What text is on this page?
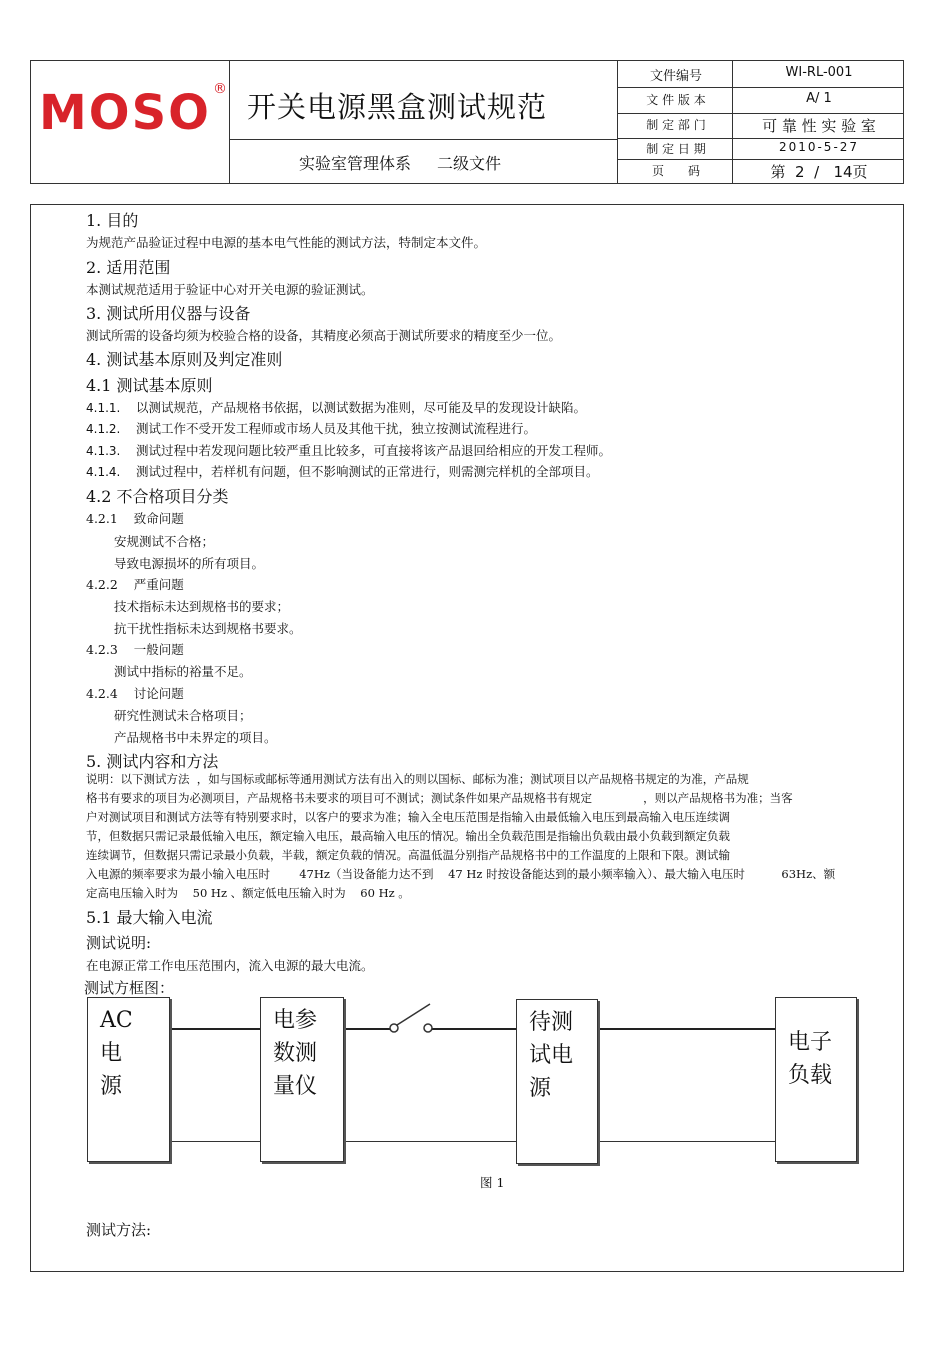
MOSO ®
开关电源黑盒测试规范
实验室管理体系 二级文件
文件编号	WI-RL-001
文 件 版 本	A/ 1
制 定 部 门	可 靠 性 实 验 室
制 定 日 期	2010-5-27
页　　码	第  2  /   14页
1. 目的
为规范产品验证过程中电源的基本电气性能的测试方法，特制定本文件。
2. 适用范围
本测试规范适用于验证中心对开关电源的验证测试。
3. 测试所用仪器与设备
测试所需的设备均须为校验合格的设备，其精度必须高于测试所要求的精度至少一位。
4. 测试基本原则及判定准则
4.1 测试基本原则
4.1.1. 以测试规范，产品规格书依据，以测试数据为准则，尽可能及早的发现设计缺陷。
4.1.2. 测试工作不受开发工程师或市场人员及其他干扰，独立按测试流程进行。
4.1.3. 测试过程中若发现问题比较严重且比较多，可直接将该产品退回给相应的开发工程师。
4.1.4. 测试过程中，若样机有问题，但不影响测试的正常进行，则需测完样机的全部项目。
4.2 不合格项目分类
4.2.1    致命问题
安规测试不合格；
导致电源损坏的所有项目。
4.2.2    严重问题
技术指标未达到规格书的要求；
抗干扰性指标未达到规格书要求。
4.2.3    一般问题
测试中指标的裕量不足。
4.2.4    讨论问题
研究性测试未合格项目；
产品规格书中未界定的项目。
5. 测试内容和方法
说明：以下测试方法  ，如与国标或邮标等通用测试方法有出入的则以国标、邮标为准；测试项目以产品规格书规定的为准，产品规
格书有要求的项目为必测项目，产品规格书未要求的项目可不测试；测试条件如果产品规格书有规定              ，则以产品规格书为准；当客
户对测试项目和测试方法等有特别要求时，以客户的要求为准；输入全电压范围是指输入由最低输入电压到最高输入电压连续调
节，但数据只需记录最低输入电压，额定输入电压，最高输入电压的情况。输出全负载范围是指输出负载由最小负载到额定负载
连续调节，但数据只需记录最小负载，半载，额定负载的情况。高温低温分别指产品规格书中的工作温度的上限和下限。测试输
入电源的频率要求为最小输入电压时        47Hz（当设备能力达不到    47 Hz 时按设备能达到的最小频率输入）、最大输入电压时          63Hz、额
定高电压输入时为    50 Hz 、额定低电压输入时为    60 Hz 。
5.1 最大输入电流
测试说明:
在电源正常工作电压范围内，流入电源的最大电流。
测试方框图：
AC
电
源
电参
数测
量仪
待测
试电
源
电子
负载
图 1
测试方法:
